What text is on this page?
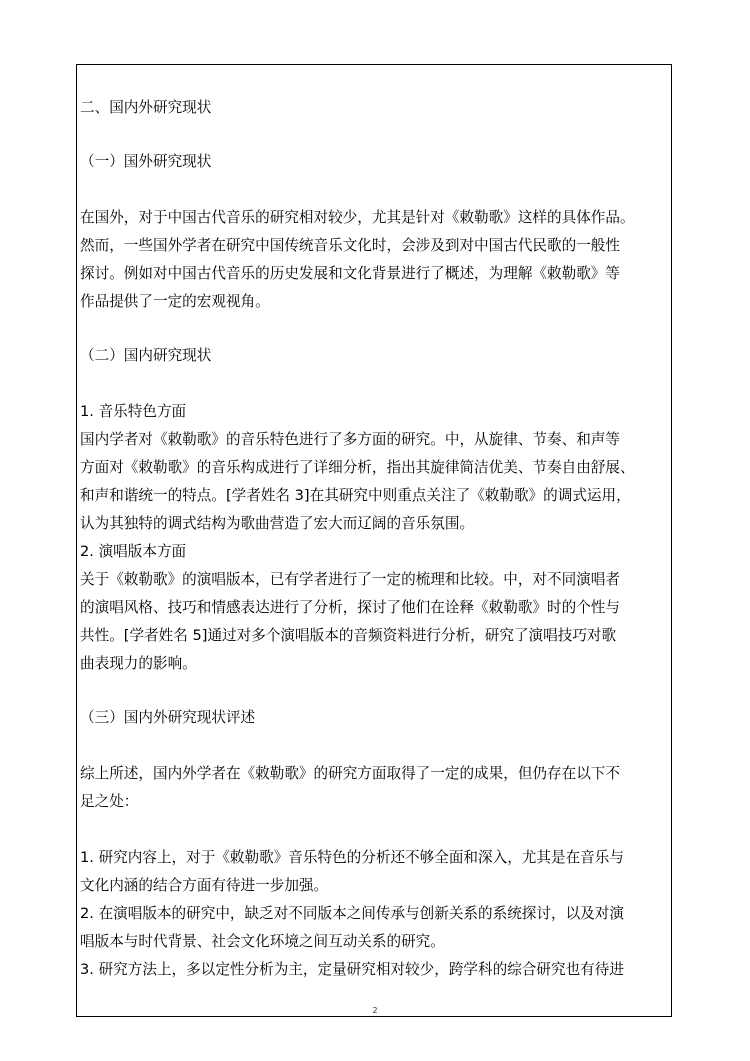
二、国内外研究现状
（一）国外研究现状
在国外，对于中国古代音乐的研究相对较少，尤其是针对《敕勒歌》这样的具体作品。
然而，一些国外学者在研究中国传统音乐文化时，会涉及到对中国古代民歌的一般性
探讨。例如对中国古代音乐的历史发展和文化背景进行了概述，为理解《敕勒歌》等
作品提供了一定的宏观视角。
（二）国内研究现状
1. 音乐特色方面
国内学者对《敕勒歌》的音乐特色进行了多方面的研究。中，从旋律、节奏、和声等
方面对《敕勒歌》的音乐构成进行了详细分析，指出其旋律简洁优美、节奏自由舒展、
和声和谐统一的特点。[学者姓名 3]在其研究中则重点关注了《敕勒歌》的调式运用，
认为其独特的调式结构为歌曲营造了宏大而辽阔的音乐氛围。
2. 演唱版本方面
关于《敕勒歌》的演唱版本，已有学者进行了一定的梳理和比较。中，对不同演唱者
的演唱风格、技巧和情感表达进行了分析，探讨了他们在诠释《敕勒歌》时的个性与
共性。[学者姓名 5]通过对多个演唱版本的音频资料进行分析，研究了演唱技巧对歌
曲表现力的影响。
（三）国内外研究现状评述
综上所述，国内外学者在《敕勒歌》的研究方面取得了一定的成果，但仍存在以下不
足之处：
1. 研究内容上，对于《敕勒歌》音乐特色的分析还不够全面和深入，尤其是在音乐与
文化内涵的结合方面有待进一步加强。
2. 在演唱版本的研究中，缺乏对不同版本之间传承与创新关系的系统探讨，以及对演
唱版本与时代背景、社会文化环境之间互动关系的研究。
3. 研究方法上，多以定性分析为主，定量研究相对较少，跨学科的综合研究也有待进
2
